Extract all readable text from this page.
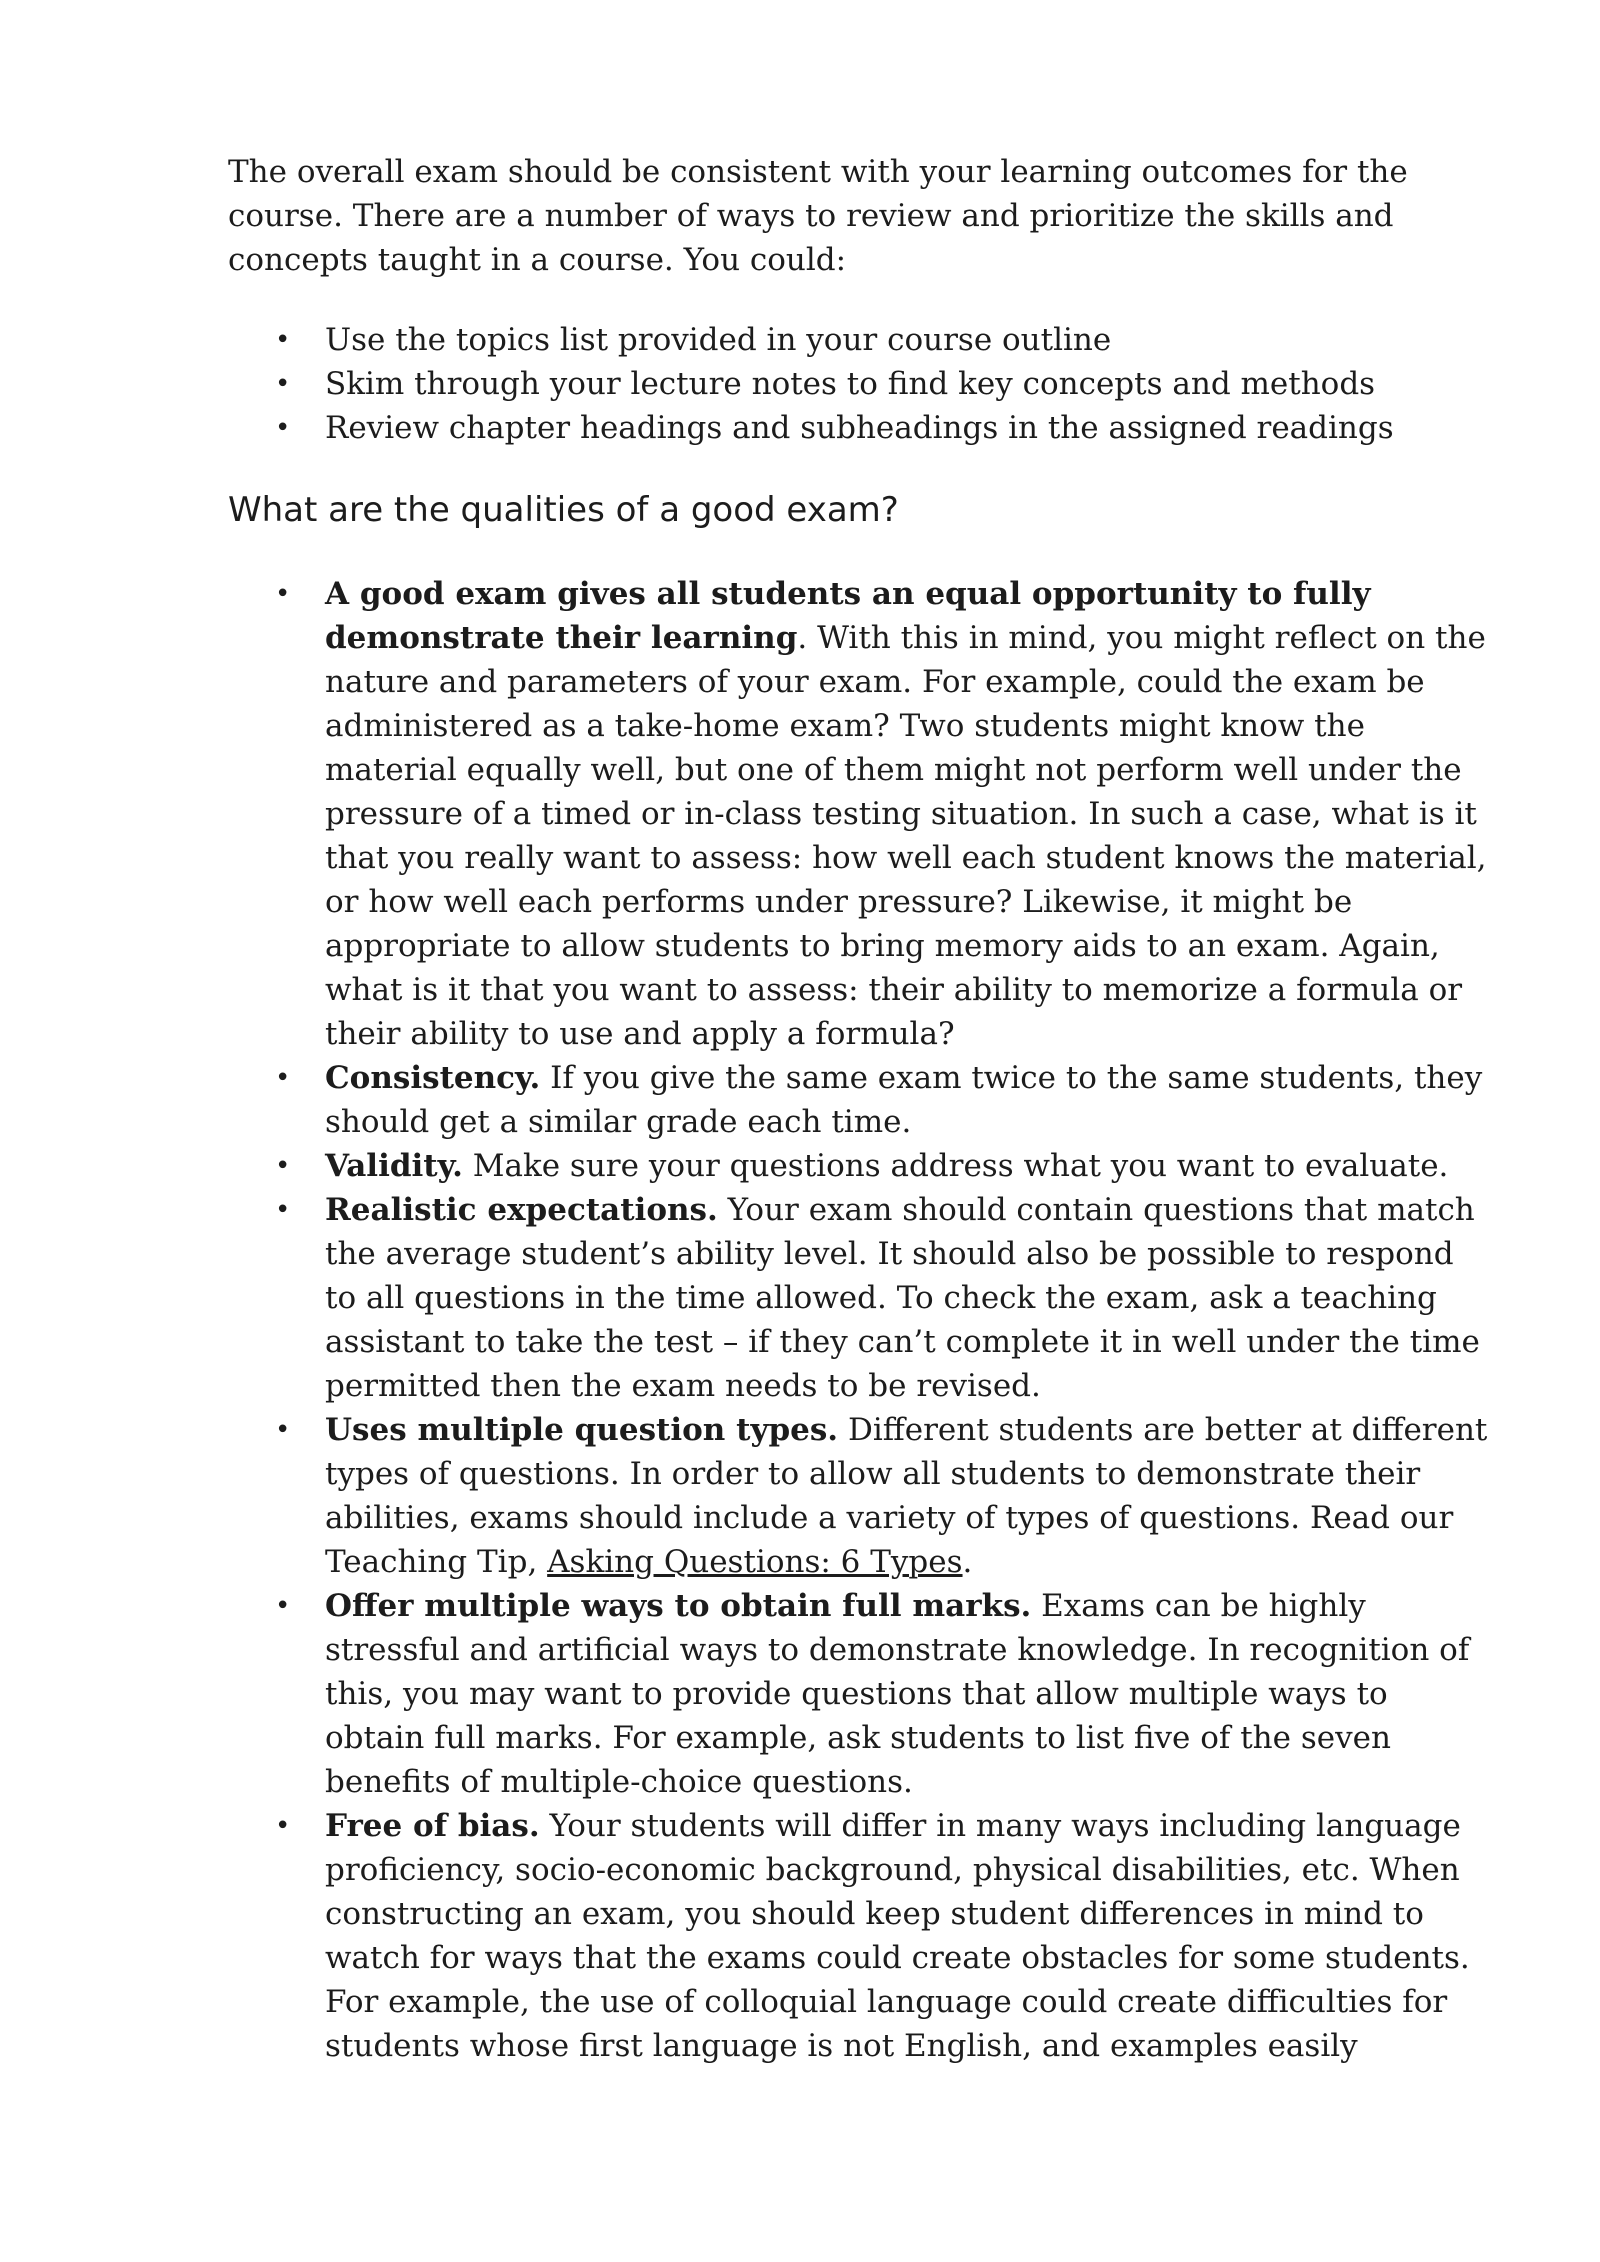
The overall exam should be consistent with your learning outcomes for the course. There are a number of ways to review and prioritize the skills and concepts taught in a course. You could:

• Use the topics list provided in your course outline
• Skim through your lecture notes to find key concepts and methods
• Review chapter headings and subheadings in the assigned readings
What are the qualities of a good exam?
• A good exam gives all students an equal opportunity to fully demonstrate their learning. With this in mind, you might reflect on the nature and parameters of your exam. For example, could the exam be administered as a take-home exam? Two students might know the material equally well, but one of them might not perform well under the pressure of a timed or in-class testing situation. In such a case, what is it that you really want to assess: how well each student knows the material, or how well each performs under pressure? Likewise, it might be appropriate to allow students to bring memory aids to an exam. Again, what is it that you want to assess: their ability to memorize a formula or their ability to use and apply a formula?
• Consistency. If you give the same exam twice to the same students, they should get a similar grade each time.
• Validity. Make sure your questions address what you want to evaluate.
• Realistic expectations. Your exam should contain questions that match the average student’s ability level. It should also be possible to respond to all questions in the time allowed. To check the exam, ask a teaching assistant to take the test – if they can’t complete it in well under the time permitted then the exam needs to be revised.
• Uses multiple question types. Different students are better at different types of questions. In order to allow all students to demonstrate their abilities, exams should include a variety of types of questions. Read our Teaching Tip, Asking Questions: 6 Types.
• Offer multiple ways to obtain full marks. Exams can be highly stressful and artificial ways to demonstrate knowledge. In recognition of this, you may want to provide questions that allow multiple ways to obtain full marks. For example, ask students to list five of the seven benefits of multiple-choice questions.
• Free of bias. Your students will differ in many ways including language proficiency, socio-economic background, physical disabilities, etc. When constructing an exam, you should keep student differences in mind to watch for ways that the exams could create obstacles for some students. For example, the use of colloquial language could create difficulties for students whose first language is not English, and examples easily
